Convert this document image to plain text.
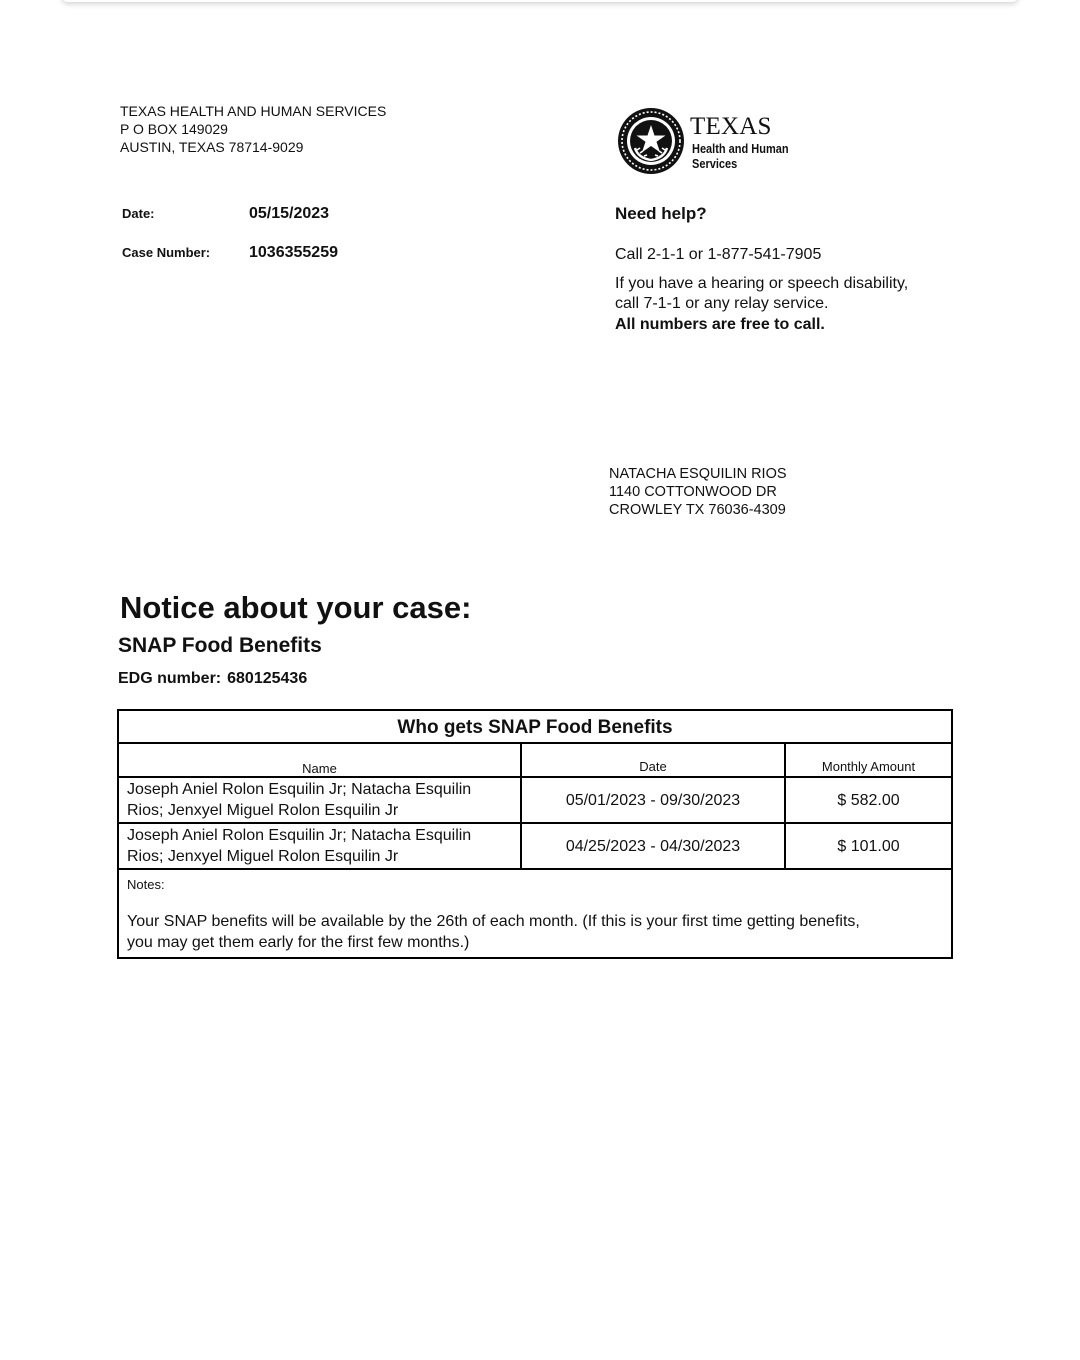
TEXAS HEALTH AND HUMAN SERVICES
P O BOX 149029
AUSTIN, TEXAS 78714-9029
TEXAS
Health and Human
Services
Date:	05/15/2023
Case Number:	1036355259
Need help?
Call 2-1-1 or 1-877-541-7905
If you have a hearing or speech disability,
call 7-1-1 or any relay service.
All numbers are free to call.
NATACHA ESQUILIN RIOS
1140 COTTONWOOD DR
CROWLEY TX 76036-4309
Notice about your case:
SNAP Food Benefits
EDG number: 680125436
Who gets SNAP Food Benefits
Name	Date	Monthly Amount

Joseph Aniel Rolon Esquilin Jr; Natacha Esquilin
Rios; Jenxyel Miguel Rolon Esquilin Jr	05/01/2023 - 09/30/2023	$ 582.00

Joseph Aniel Rolon Esquilin Jr; Natacha Esquilin
Rios; Jenxyel Miguel Rolon Esquilin Jr	04/25/2023 - 04/30/2023	$ 101.00
Notes:
Your SNAP benefits will be available by the 26th of each month. (If this is your first time getting benefits,
you may get them early for the first few months.)
